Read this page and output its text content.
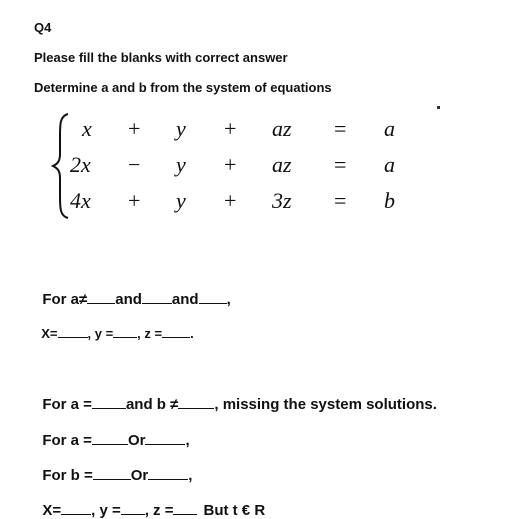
Q4
Please fill the blanks with correct answer
Determine a and b from the system of equations
x + y + az = a
2x − y + az = a
4x + y + 3z = b

For a≠ and and ,

X= , y = , z = .

For a = and b ≠ , missing the system solutions.

For a = Or	,

For b =	Or	,

X= , y = , z = But t € R
